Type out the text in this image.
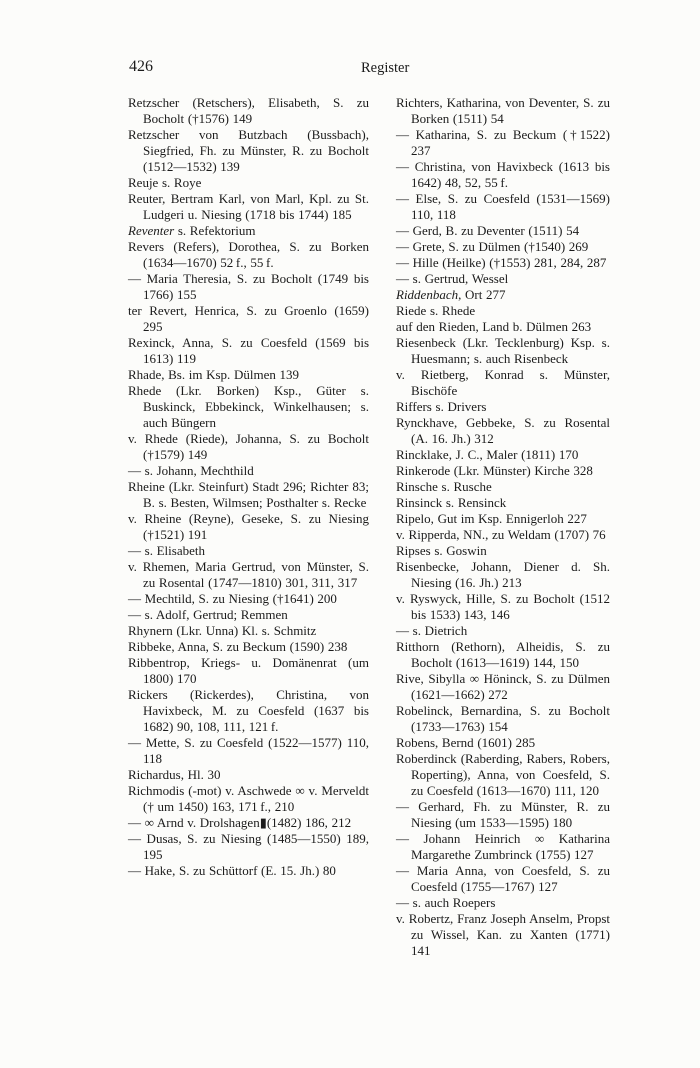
426	Register

Retzscher (Retschers), Elisabeth, S. zu Bocholt (†1576) 149

Retzscher von Butzbach (Bussbach), Siegfried, Fh. zu Münster, R. zu Bocholt (1512—1532) 139

Reuje s. Roye

Reuter, Bertram Karl, von Marl, Kpl. zu St. Ludgeri u. Niesing (1718 bis 1744) 185

Reventer s. Refektorium

Revers (Refers), Dorothea, S. zu Borken (1634—1670) 52 f., 55 f.

— Maria Theresia, S. zu Bocholt (1749 bis 1766) 155

ter Revert, Henrica, S. zu Groenlo (1659) 295

Rexinck, Anna, S. zu Coesfeld (1569 bis 1613) 119

Rhade, Bs. im Ksp. Dülmen 139

Rhede (Lkr. Borken) Ksp., Güter s. Buskinck, Ebbekinck, Winkelhausen; s. auch Büngern

v. Rhede (Riede), Johanna, S. zu Bocholt (†1579) 149

— s. Johann, Mechthild

Rheine (Lkr. Steinfurt) Stadt 296; Richter 83; B. s. Besten, Wilmsen; Posthalter s. Recke

v. Rheine (Reyne), Geseke, S. zu Niesing (†1521) 191

— s. Elisabeth

v. Rhemen, Maria Gertrud, von Münster, S. zu Rosental (1747—1810) 301, 311, 317

— Mechtild, S. zu Niesing (†1641) 200

— s. Adolf, Gertrud; Remmen

Rhynern (Lkr. Unna) Kl. s. Schmitz

Ribbeke, Anna, S. zu Beckum (1590) 238

Ribbentrop, Kriegs- u. Domänenrat (um 1800) 170

Rickers (Rickerdes), Christina, von Havixbeck, M. zu Coesfeld (1637 bis 1682) 90, 108, 111, 121 f.

— Mette, S. zu Coesfeld (1522—1577) 110, 118

Richardus, Hl. 30

Richmodis (-mot) v. Aschwede ∞ v. Merveldt († um 1450) 163, 171 f., 210

— ∞ Arnd v. Drolshagen▮(1482) 186, 212

— Dusas, S. zu Niesing (1485—1550) 189, 195

— Hake, S. zu Schüttorf (E. 15. Jh.) 80

Richters, Katharina, von Deventer, S. zu Borken (1511) 54

— Katharina, S. zu Beckum (†1522) 237

— Christina, von Havixbeck (1613 bis 1642) 48, 52, 55 f.

— Else, S. zu Coesfeld (1531—1569) 110, 118

— Gerd, B. zu Deventer (1511) 54

— Grete, S. zu Dülmen (†1540) 269

— Hille (Heilke) (†1553) 281, 284, 287

— s. Gertrud, Wessel

Riddenbach, Ort 277

Riede s. Rhede

auf den Rieden, Land b. Dülmen 263

Riesenbeck (Lkr. Tecklenburg) Ksp. s. Huesmann; s. auch Risenbeck

v. Rietberg, Konrad s. Münster, Bischöfe

Riffers s. Drivers

Rynckhave, Gebbeke, S. zu Rosental (A. 16. Jh.) 312

Rincklake, J. C., Maler (1811) 170

Rinkerode (Lkr. Münster) Kirche 328

Rinsche s. Rusche

Rinsinck s. Rensinck

Ripelo, Gut im Ksp. Ennigerloh 227

v. Ripperda, NN., zu Weldam (1707) 76

Ripses s. Goswin

Risenbecke, Johann, Diener d. Sh. Niesing (16. Jh.) 213

v. Ryswyck, Hille, S. zu Bocholt (1512 bis 1533) 143, 146

— s. Dietrich

Ritthorn (Rethorn), Alheidis, S. zu Bocholt (1613—1619) 144, 150

Rive, Sibylla ∞ Höninck, S. zu Dülmen (1621—1662) 272

Robelinck, Bernardina, S. zu Bocholt (1733—1763) 154

Robens, Bernd (1601) 285

Roberdinck (Raberding, Rabers, Robers, Roperting), Anna, von Coesfeld, S. zu Coesfeld (1613—1670) 111, 120

— Gerhard, Fh. zu Münster, R. zu Niesing (um 1533—1595) 180

— Johann Heinrich ∞ Katharina Margarethe Zumbrinck (1755) 127

— Maria Anna, von Coesfeld, S. zu Coesfeld (1755—1767) 127

— s. auch Roepers

v. Robertz, Franz Joseph Anselm, Propst zu Wissel, Kan. zu Xanten (1771) 141
